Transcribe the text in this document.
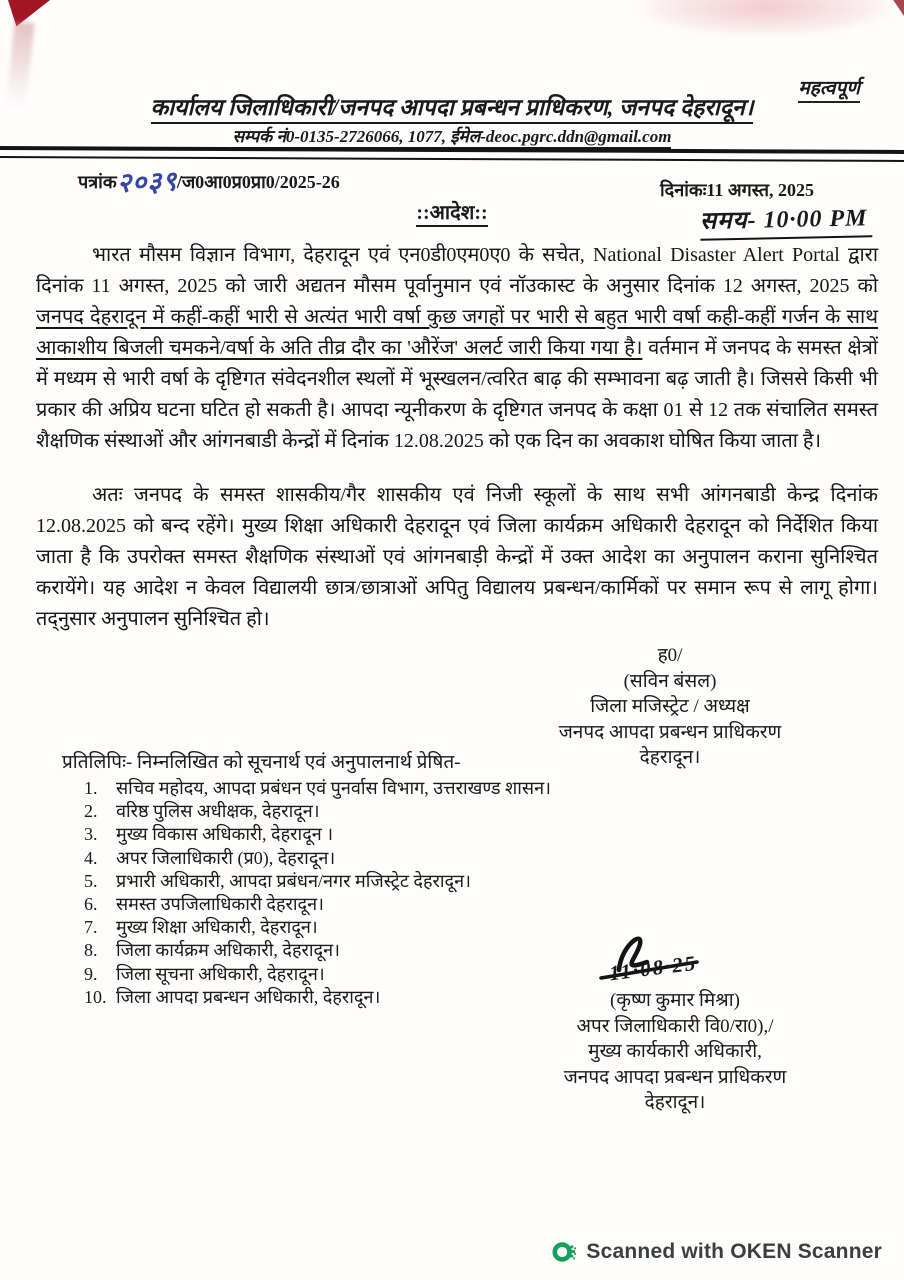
महत्वपूर्ण
कार्यालय जिलाधिकारी/जनपद आपदा प्रबन्धन प्राधिकरण, जनपद देहरादून।
सम्पर्क नं0-0135-2726066, 1077, ईमेल-deoc.pgrc.ddn@gmail.com
पत्रांक२०३९/ज0आ0प्र0प्रा0/2025-26	दिनांकः11 अगस्त, 2025
::आदेश::	समय- 10·00 PM
भारत मौसम विज्ञान विभाग, देहरादून एवं एन0डी0एम0ए0 के सचेत, National Disaster Alert Portal द्वारा दिनांक 11 अगस्त, 2025 को जारी अद्यतन मौसम पूर्वानुमान एवं नॉउकास्ट के अनुसार दिनांक 12 अगस्त, 2025 को जनपद देहरादून में कहीं-कहीं भारी से अत्यंत भारी वर्षा कुछ जगहों पर भारी से बहुत भारी वर्षा कही-कहीं गर्जन के साथ आकाशीय बिजली चमकने/वर्षा के अति तीव्र दौर का 'औरेंज' अलर्ट जारी किया गया है। वर्तमान में जनपद के समस्त क्षेत्रों में मध्यम से भारी वर्षा के दृष्टिगत संवेदनशील स्थलों में भूस्खलन/त्वरित बाढ़ की सम्भावना बढ़ जाती है। जिससे किसी भी प्रकार की अप्रिय घटना घटित हो सकती है। आपदा न्यूनीकरण के दृष्टिगत जनपद के कक्षा 01 से 12 तक संचालित समस्त शैक्षणिक संस्थाओं और आंगनबाडी केन्द्रों में दिनांक 12.08.2025 को एक दिन का अवकाश घोषित किया जाता है।
अतः जनपद के समस्त शासकीय/गैर शासकीय एवं निजी स्कूलों के साथ सभी आंगनबाडी केन्द्र दिनांक 12.08.2025 को बन्द रहेंगे। मुख्य शिक्षा अधिकारी देहरादून एवं जिला कार्यक्रम अधिकारी देहरादून को निर्देशित किया जाता है कि उपरोक्त समस्त शैक्षणिक संस्थाओं एवं आंगनबाड़ी केन्द्रों में उक्त आदेश का अनुपालन कराना सुनिश्चित करायेंगे। यह आदेश न केवल विद्यालयी छात्र/छात्राओं अपितु विद्यालय प्रबन्धन/कार्मिकों पर समान रूप से लागू होगा। तद्नुसार अनुपालन सुनिश्चित हो।
ह0/
(सविन बंसल)
जिला मजिस्ट्रेट / अध्यक्ष
जनपद आपदा प्रबन्धन प्राधिकरण
देहरादून।
प्रतिलिपिः- निम्नलिखित को सूचनार्थ एवं अनुपालनार्थ प्रेषित-
1.	सचिव महोदय, आपदा प्रबंधन एवं पुनर्वास विभाग, उत्तराखण्ड शासन।
2.	वरिष्ठ पुलिस अधीक्षक, देहरादून।
3.	मुख्य विकास अधिकारी, देहरादून ।
4.	अपर जिलाधिकारी (प्र0), देहरादून।
5.	प्रभारी अधिकारी, आपदा प्रबंधन/नगर मजिस्ट्रेट देहरादून।
6.	समस्त उपजिलाधिकारी देहरादून।
7.	मुख्य शिक्षा अधिकारी, देहरादून।
8.	जिला कार्यक्रम अधिकारी, देहरादून।
9.	जिला सूचना अधिकारी, देहरादून।
10. जिला आपदा प्रबन्धन अधिकारी, देहरादून।
11·08·25
(कृष्ण कुमार मिश्रा)
अपर जिलाधिकारी वि0/रा0),/
मुख्य कार्यकारी अधिकारी,
जनपद आपदा प्रबन्धन प्राधिकरण
देहरादून।
Scanned with OKEN Scanner
